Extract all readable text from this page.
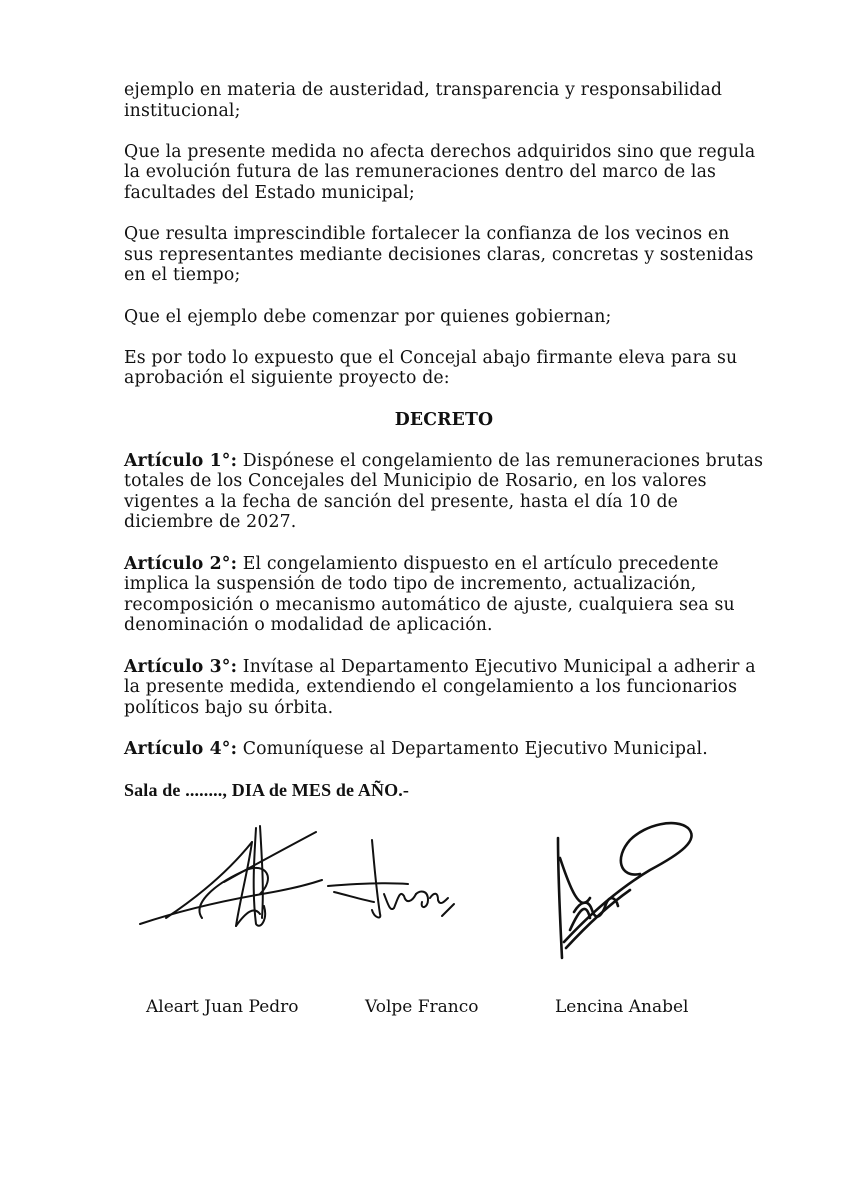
ejemplo en materia de austeridad, transparencia y responsabilidad institucional;

Que la presente medida no afecta derechos adquiridos sino que regula la evolución futura de las remuneraciones dentro del marco de las facultades del Estado municipal;

Que resulta imprescindible fortalecer la confianza de los vecinos en sus representantes mediante decisiones claras, concretas y sostenidas en el tiempo;

Que el ejemplo debe comenzar por quienes gobiernan;

Es por todo lo expuesto que el Concejal abajo firmante eleva para su aprobación el siguiente proyecto de:

DECRETO

Artículo 1°: Dispónese el congelamiento de las remuneraciones brutas totales de los Concejales del Municipio de Rosario, en los valores vigentes a la fecha de sanción del presente, hasta el día 10 de diciembre de 2027.

Artículo 2°: El congelamiento dispuesto en el artículo precedente implica la suspensión de todo tipo de incremento, actualización, recomposición o mecanismo automático de ajuste, cualquiera sea su denominación o modalidad de aplicación.

Artículo 3°: Invítase al Departamento Ejecutivo Municipal a adherir a la presente medida, extendiendo el congelamiento a los funcionarios políticos bajo su órbita.

Artículo 4°: Comuníquese al Departamento Ejecutivo Municipal.

Sala de ........, DIA de MES de AÑO.-

Aleart Juan Pedro	Volpe Franco	Lencina Anabel
